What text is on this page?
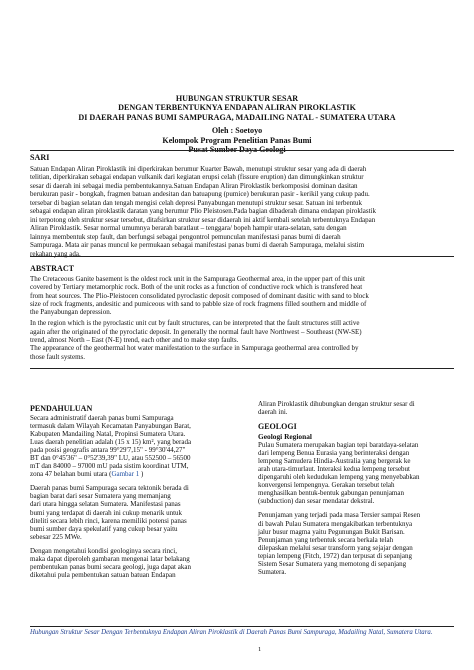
HUBUNGAN STRUKTUR SESAR
DENGAN TERBENTUKNYA ENDAPAN ALIRAN PIROKLASTIK
DI DAERAH PANAS BUMI SAMPURAGA, MADAILING NATAL - SUMATERA UTARA
Oleh : Soetoyo
Kelompok Program Penelitian Panas Bumi
Pusat Sumber Daya Geologi
SARI
Satuan Endapan Aliran Piroklastik ini diperkirakan berumur Kuarter Bawah, menutupi struktur sesar yang ada di daerah
telitian, diperkirakan sebagai endapan vulkanik dari kegiatan erupsi celah (fissure eruption) dan dimungkinkan struktur
sesar di daerah ini sebagai media pembentukannya.Satuan Endapan Aliran Piroklastik berkomposisi dominan dasitan
berukuran pasir - bongkah, fragmen batuan andesitan dan batuapung (pumice) berukuran pasir - kerikil yang cukup padu.
tersebar di bagian selatan dan tengah mengisi celah depresi Panyabungan menutupi struktur sesar. Satuan ini terbentuk
sebagai endapan aliran piroklastik daratan yang berumur Plio Pleistosen.Pada bagian dibaderah dimana endapan piroklastik
ini terpotong oleh struktur sesar tersebut, ditafsirkan struktur sesar didaerah ini aktif kembali setelah terbentuknya Endapan
Aliran Piroklastik. Sesar normal umumnya berarah baratlaut – tenggara/ bopeh hampir utara-selatan, satu dengan
lainnya membentuk step fault, dan berfungsi sebagai pengontrol pemunculan manifestasi panas bumi di daerah
Sampuraga. Mata air panas muncul ke permukaan sebagai manifestasi panas bumi di daerah Sampuraga, melalui sistim
rekahan yang ada.
ABSTRACT
The Cretaceous Ganite basement is the oldest rock unit in the Sampuraga Geothermal area, in the upper part of this unit
covered by Tertiary metamorphic rock. Both of the unit rocks as a function of conductive rock which is transfered heat
from heat sources. The Plio-Pleistocen consolidated pyroclastic deposit composed of dominant dasitic with sand to block
size of rock fragments, andesitic and pumiceous with sand to pabble size of rock fragmens filled southern and middle of
the Panyabungan depression.
In the region which is the pyroclastic unit cut by fault structures, can be interpreted that the fault structures still active
again after the originated of the pyroclatic deposit. In generally the normal fault have Northwest – Southeast (NW-SE)
trend, almost North – East (N-E) trend, each other and to make step faults.
The appearance of the geothermal hot water manifestation to the surface in Sampuraga geothermal area controlled by
those fault systems.
PENDAHULUAN
Secara administratif daerah panas bumi Sampuraga
termasuk dalam Wilayah Kecamatan Panyabungan Barat,
Kabupaten Mandailing Natal, Propinsi Sumatera Utara.
Luas daerah penelitian adalah (15 x 15) km², yang berada
pada posisi geografis antara 99°29'7,15" - 99°30'44,27"
BT dan 0°45'36" – 0°52'39,39" LU, atau 552500 – 56500
mT dan 84000 – 97000 mU pada sistim koordinat UTM,
zona 47 belahan bumi utara (Gambar 1 )
Daerah panas bumi Sampuraga secara tektonik berada di
bagian barat dari sesar Sumatera yang memanjang
dari utara hingga selatan Sumatera. Manifestasi panas
bumi yang terdapat di daerah ini cukup menarik untuk
diteliti secara lebih rinci, karena memiliki potensi panas
bumi sumber daya spekulatif yang cukup besar yaitu
sebesar 225 MWe.
Dengan mengetahui kondisi geologinya secara rinci,
maka dapat diperoleh gambaran mengenai latar belakang
pembentukan panas bumi secara geologi, juga dapat akan
diketahui pula pembentukan satuan batuan Endapan
Aliran Piroklastik dihubungkan dengan struktur sesar di
daerah ini.
GEOLOGI
Geologi Regional
Pulau Sumatera merupakan bagian tepi baratdaya-selatan
dari lempeng Benua Eurasia yang berinteraksi dengan
lempeng Samudera Hindia-Australia yang bergerak ke
arah utara-timurlaut. Interaksi kedua lempeng tersebut
dipengaruhi oleh kedudukan lempeng yang menyebabkan
konvergensi lempengnya. Gerakan tersebut telah
menghasilkan bentuk-bentuk gabungan penunjaman
(subduction) dan sesar mendatar dekstral.
Penunjaman yang terjadi pada masa Tersier sampai Resen
di bawah Pulau Sumatera mengakibatkan terbentuknya
jalur busur magma yaitu Pegunungan Bukit Barisan.
Penunjaman yang terbentuk secara berkala telah
dilepaskan melalui sesar transform yang sejajar dengan
tepian lempeng (Fitch, 1972) dan terpusat di sepanjang
Sistem Sesar Sumatera yang memotong di sepanjang
Sumatera.
Hubungan Struktur Sesar Dengan Terbentuknya Endapan Aliran Piroklastik di Daerah Panas Bumi Sampuraga, Madailing Natal, Sumatera Utara.
1
